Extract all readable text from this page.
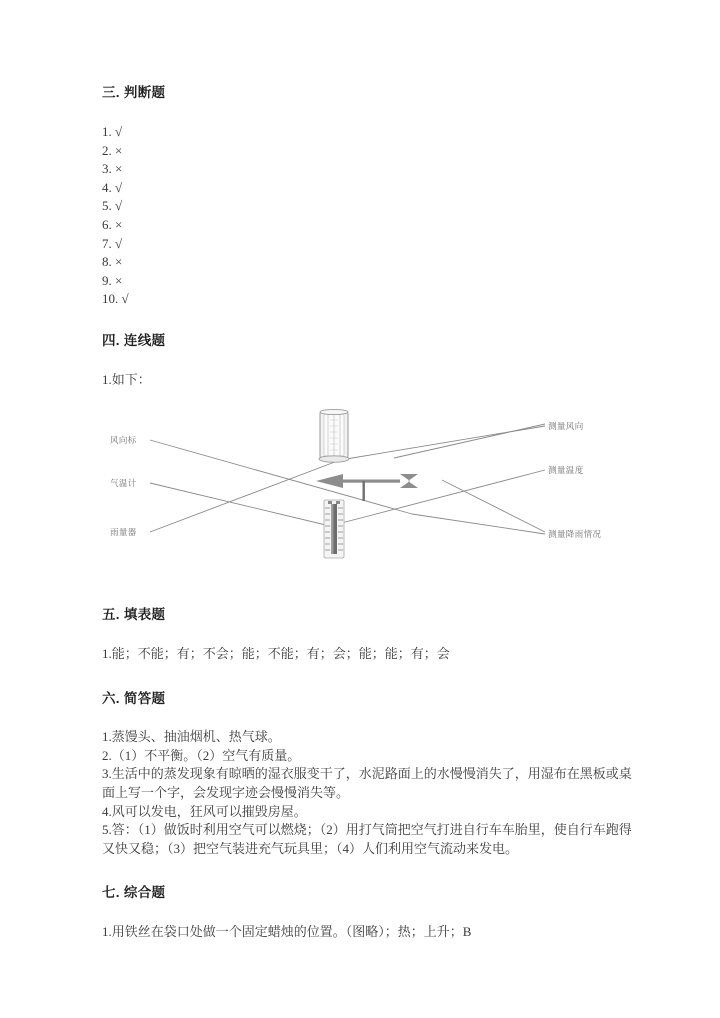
三. 判断题
1. √
2. ×
3. ×
4. √
5. √
6. ×
7. √
8. ×
9. ×
10. √
四. 连线题

1.如下：

风向标
气温计
雨量器
测量风向
测量温度
测量降雨情况
五. 填表题

1.能；不能；有；不会；能；不能；有；会；能；能；有；会

六. 简答题

1.蒸馒头、抽油烟机、热气球。

2.（1）不平衡。（2）空气有质量。

3.生活中的蒸发现象有晾晒的湿衣服变干了，水泥路面上的水慢慢消失了，用湿布在黑板或桌面上写一个字，会发现字迹会慢慢消失等。

4.风可以发电，狂风可以摧毁房屋。

5.答：（1）做饭时利用空气可以燃烧；（2）用打气筒把空气打进自行车车胎里，使自行车跑得又快又稳；（3）把空气装进充气玩具里；（4）人们利用空气流动来发电。

七. 综合题

1.用铁丝在袋口处做一个固定蜡烛的位置。（图略）；热；上升；B
